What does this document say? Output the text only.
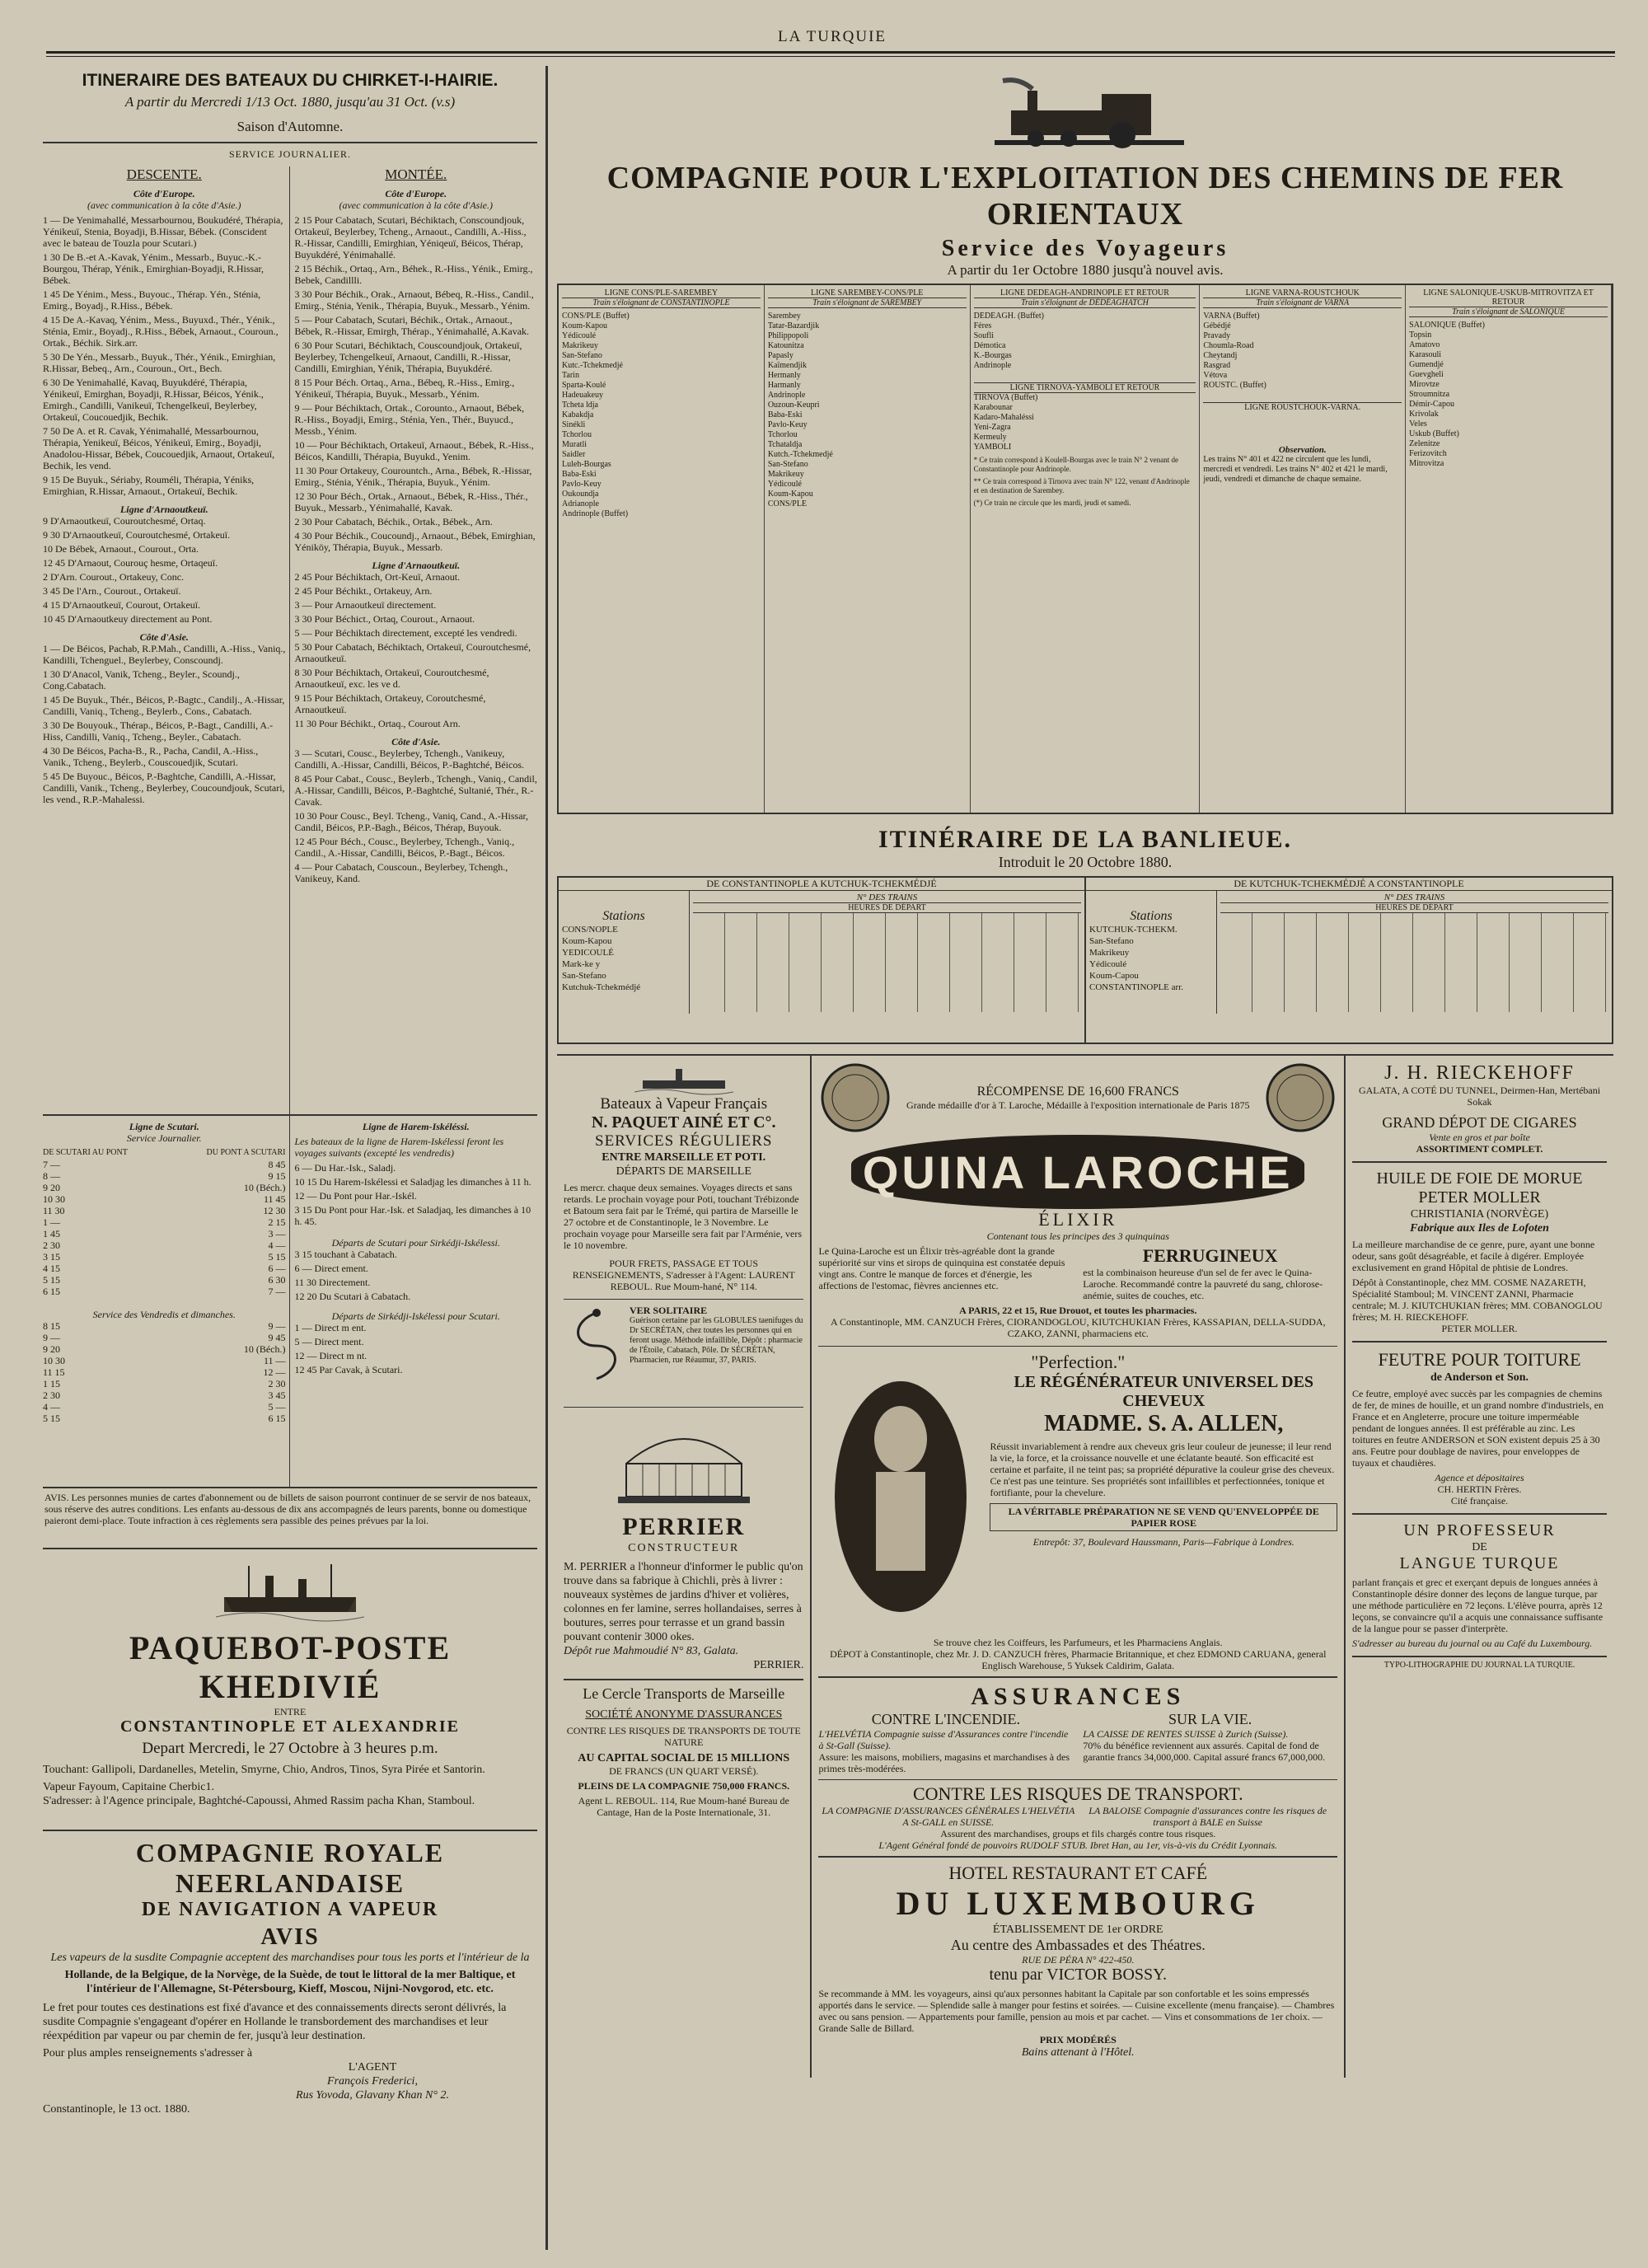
LA TURQUIE
ITINERAIRE DES BATEAUX DU CHIRKET-I-HAIRIE.
A partir du Mercredi 1/13 Oct. 1880, jusqu'au 31 Oct. (v.s)
Saison d'Automne.
SERVICE JOURNALIER.
DESCENTE.
Côte d'Europe.
(avec communication à la côte d'Asie.)
1 — De Yenimahallé, Messarbournou, Boukudéré, Thérapia, Yénikeuï, Stenia, Boyadji, B.Hissar, Bébek. (Conscident avec le bateau de Touzla pour Scutari.)
1 30 De B.-et A.-Kavak, Yénim., Messarb., Buyuc.-K.-Bourgou, Thérap, Yénik., Emirghian-Boyadji, R.Hissar, Bébek.
1 45 De Yénim., Mess., Buyouc., Thérap. Yén., Sténia, Emirg., Boyadj., R.Hiss., Bébek.
4 15 De A.-Kavaq, Yénim., Mess., Buyuxd., Thér., Yénik., Sténia, Emir., Boyadj., R.Hiss., Bébek, Arnaout., Couroun., Ortak., Béchik. Sirk.arr.
5 30 De Yén., Messarb., Buyuk., Thér., Yénik., Emirghian, R.Hissar, Bebeq., Arn., Couroun., Ort., Bech.
6 30 De Yenimahallé, Kavaq, Buyukdéré, Thérapia, Yénikeuï, Emirghan, Boyadji, R.Hissar, Béicos, Yénik., Emirgh., Candilli, Vanikeuï, Tchengelkeuï, Beylerbey, Ortakeuï, Coucouedjik, Bechik.
7 50 De A. et R. Cavak, Yénimahallé, Messarbournou, Thérapia, Yenikeuï, Béicos, Yénikeuï, Emirg., Boyadji, Anadolou-Hissar, Bébek, Coucouedjik, Arnaout, Ortakeuï, Bechik, les vend.
9 15 De Buyuk., Sériaby, Rouméli, Thérapia, Yéniks, Emirghian, R.Hissar, Arnaout., Ortakeuï, Bechik.
Ligne d'Arnaoutkeuï.
9 D'Arnaoutkeuï, Couroutchesmé, Ortaq.
9 30 D'Arnaoutkeuï, Couroutchesmé, Ortakeuï.
10 De Bébek, Arnaout., Courout., Orta.
12 45 D'Arnaout, Courouç hesme, Ortaqeuï.
2 D'Arn. Courout., Ortakeuy, Conc.
3 45 De l'Arn., Courout., Ortakeuï.
4 15 D'Arnaoutkeuï, Courout, Ortakeuï.
10 45 D'Arnaoutkeuy directement au Pont.
Côte d'Asie.
1 — De Béicos, Pachab, R.P.Mah., Candilli, A.-Hiss., Vaniq., Kandilli, Tchenguel., Beylerbey, Conscoundj.
1 30 D'Anacol, Vanik, Tcheng., Beyler., Scoundj., Cong.Cabatach.
1 45 De Buyuk., Thér., Béicos, P.-Bagtc., Candilj., A.-Hissar, Candilli, Vaniq., Tcheng., Beylerb., Cons., Cabatach.
3 30 De Bouyouk., Thérap., Béicos, P.-Bagt., Candilli, A.-Hiss, Candilli, Vaniq., Tcheng., Beyler., Cabatach.
4 30 De Béicos, Pacha-B., R., Pacha, Candil, A.-Hiss., Vanik., Tcheng., Beylerb., Couscouedjik, Scutari.
5 45 De Buyouc., Béicos, P.-Baghtche, Candilli, A.-Hissar, Candilli, Vanik., Tcheng., Beylerbey, Coucoundjouk, Scutari, les vend., R.P.-Mahalessi.
MONTÉE.
Côte d'Europe.
(avec communication à la côte d'Asie.)
2 15 Pour Cabatach, Scutari, Béchiktach, Conscoundjouk, Ortakeuï, Beylerbey, Tcheng., Arnaout., Candilli, A.-Hiss., R.-Hissar, Candilli, Emirghian, Yéniqeuï, Béicos, Thérap, Buyukdéré, Yénimahallé.
2 15 Béchik., Ortaq., Arn., Béhek., R.-Hiss., Yénik., Emirg., Bebek, Candillli.
3 30 Pour Béchik., Orak., Arnaout, Bébeq, R.-Hiss., Candil., Emirg., Sténia, Yenik., Thérapia, Buyuk., Messarb., Yénim.
5 — Pour Cabatach, Scutari, Béchik., Ortak., Arnaout., Bébek, R.-Hissar, Emirgh, Thérap., Yénimahallé, A.Kavak.
6 30 Pour Scutari, Béchiktach, Couscoundjouk, Ortakeuï, Beylerbey, Tchengelkeuï, Arnaout, Candilli, R.-Hissar, Candilli, Emirghian, Yénik, Thérapia, Buyukdéré.
8 15 Pour Béch. Ortaq., Arna., Bébeq, R.-Hiss., Emirg., Yénikeuï, Thérapia, Buyuk., Messarb., Yénim.
9 — Pour Béchiktach, Ortak., Corounto., Arnaout, Bébek, R.-Hiss., Boyadji, Emirg., Sténia, Yen., Thér., Buyucd., Messb., Yénim.
10 — Pour Béchiktach, Ortakeuï, Arnaout., Bébek, R.-Hiss., Béicos, Kandilli, Thérapia, Buyukd., Yenim.
11 30 Pour Ortakeuy, Courountch., Arna., Bébek, R.-Hissar, Emirg., Sténia, Yénik., Thérapia, Buyuk., Yénim.
12 30 Pour Béch., Ortak., Arnaout., Bébek, R.-Hiss., Thér., Buyuk., Messarb., Yénimahallé, Kavak.
2 30 Pour Cabatach, Béchik., Ortak., Bébek., Arn.
4 30 Pour Béchik., Coucoundj., Arnaout., Bébek, Emirghian, Yéniköy, Thérapia, Buyuk., Messarb.
Ligne d'Arnaoutkeuï.
2 45 Pour Béchiktach, Ort-Keuï, Arnaout.
2 45 Pour Béchikt., Ortakeuy, Arn.
3 — Pour Arnaoutkeuï directement.
3 30 Pour Béchict., Ortaq, Courout., Arnaout.
5 — Pour Béchiktach directement, excepté les vendredi.
5 30 Pour Cabatach, Béchiktach, Ortakeuï, Couroutchesmé, Arnaoutkeuï.
8 30 Pour Béchiktach, Ortakeuï, Couroutchesmé, Arnaoutkeuï, exc. les ve d.
9 15 Pour Béchiktach, Ortakeuy, Coroutchesmé, Arnaoutkeuï.
11 30 Pour Béchikt., Ortaq., Courout Arn.
Côte d'Asie.
3 — Scutari, Cousc., Beylerbey, Tchengh., Vanikeuy, Candilli, A.-Hissar, Candilli, Béicos, P.-Baghtché, Béicos.
8 45 Pour Cabat., Cousc., Beylerb., Tchengh., Vaniq., Candil, A.-Hissar, Candilli, Béicos, P.-Baghtché, Sultanié, Thér., R.-Cavak.
10 30 Pour Cousc., Beyl. Tcheng., Vaniq, Cand., A.-Hissar, Candil, Béicos, P.P.-Bagh., Béicos, Thérap, Buyouk.
12 45 Pour Béch., Cousc., Beylerbey, Tchengh., Vaniq., Candil., A.-Hissar, Candilli, Béicos, P.-Bagt., Béicos.
4 — Pour Cabatach, Couscoun., Beylerbey, Tchengh., Vanikeuy, Kand.
Ligne de Scutari.
Service Journalier.
DE SCUTARI AU PONT	DU PONT A SCUTARI
7 —	8 45
8 —	9 15
9 20	10 (Béch.)
10 30	11 45
11 30	12 30
1 —	2 15
1 45	3 —
2 30	4 —
3 15	5 15
4 15	6 —
5 15	6 30
6 15	7 —
Service des Vendredis et dimanches.
8 15	9 —
9 —	9 45
9 20	10 (Béch.)
10 30	11 —
11 15	12 —
1 15	2 30
2 30	3 45
4 —	5 —
5 15	6 15
Ligne de Harem-Iskéléssi.
Les bateaux de la ligne de Harem-Iskélessi feront les voyages suivants (excepté les vendredis)
6 — Du Har.-Isk., Saladj.
10 15 Du Harem-Iskélessi et Saladjag les dimanches à 11 h.
12 — Du Pont pour Har.-Iskél.
3 15 Du Pont pour Har.-Isk. et Saladjaq, les dimanches à 10 h. 45.
Départs de Scutari pour Sirkédji-Iskélessi.
3 15 touchant à Cabatach.
6 — Direct ement.
11 30 Directement.
12 20 Du Scutari à Cabatach.
Départs de Sirkédji-Iskélessi pour Scutari.
1 — Direct m ent.
5 — Direct ment.
12 — Direct m nt.
12 45 Par Cavak, à Scutari.
AVIS. Les personnes munies de cartes d'abonnement ou de billets de saison pourront continuer de se servir de nos bateaux, sous réserve des autres conditions. Les enfants au-dessous de dix ans accompagnés de leurs parents, bonne ou domestique paieront demi-place. Toute infraction à ces règlements sera passible des peines prévues par la loi.
PAQUEBOT-POSTE KHEDIVIÉ
ENTRE
CONSTANTINOPLE ET ALEXANDRIE
Depart Mercredi, le 27 Octobre à 3 heures p.m.
Touchant: Gallipoli, Dardanelles, Metelin, Smyrne, Chio, Andros, Tinos, Syra Pirée et Santorin.
Vapeur Fayoum, Capitaine Cherbic1.
S'adresser: à l'Agence principale, Baghtché-Capoussi, Ahmed Rassim pacha Khan, Stamboul.
COMPAGNIE ROYALE NEERLANDAISE
DE NAVIGATION A VAPEUR
AVIS
Les vapeurs de la susdite Compagnie acceptent des marchandises pour tous les ports et l'intérieur de la
Hollande, de la Belgique, de la Norvège, de la Suède, de tout le littoral de la mer Baltique, et l'intérieur de l'Allemagne, St-Pétersbourg, Kieff, Moscou, Nijni-Novgorod, etc. etc.
Le fret pour toutes ces destinations est fixé d'avance et des connaissements directs seront délivrés, la susdite Compagnie s'engageant d'opérer en Hollande le transbordement des marchandises et leur réexpédition par vapeur ou par chemin de fer, jusqu'à leur destination.
Pour plus amples renseignements s'adresser à
L'AGENT
François Frederici,
Rus Yovoda, Glavany Khan N° 2.
Constantinople, le 13 oct. 1880.
COMPAGNIE POUR L'EXPLOITATION DES CHEMINS DE FER ORIENTAUX
Service des Voyageurs
A partir du 1er Octobre 1880 jusqu'à nouvel avis.
LIGNE CONS/PLE-SAREMBEY
Train s'éloignant de CONSTANTINOPLE
CONS/PLE (Buffet)
Koum-Kapou
Yédicoulé
Makrikeuy
San-Stefano
Kutc.-Tchekmedjé
Tarin
Sparta-Koulé
Hadeuakeuy
Tcheta ldja
Kabakdja
Sinékli
Tchorlou
Muratli
Saidler
Luleh-Bourgas
Baba-Eski
Pavlo-Keuy
Oukoundja
Adrianople
Andrinople (Buffet)
LIGNE SAREMBEY-CONS/PLE
Train s'éloignant de SAREMBEY
Sarembey
Tatar-Bazardjik
Philippopoli
Katounitza
Papasly
Kaïmendjik
Hermanly
Harmanly
Andrinople
Ouzoun-Keupri
Baba-Eski
Pavlo-Keuy
Tchorlou
Tchataldja
Kutch.-Tchekmedjé
San-Stefano
Makrikeuy
Yédicoulé
Koum-Kapou
CONS/PLE
LIGNE DEDEAGH-ANDRINOPLE ET RETOUR
Train s'éloignant de DÉDÉAGHATCH
DÉDÉAGH. (Buffet)
Féres
Soufli
Démotica
K.-Bourgas
Andrinople
LIGNE TIRNOVA-YAMBOLI ET RETOUR
TIRNOVA (Buffet)
Karabounar
Kadaro-Mahaléssi
Yeni-Zagra
Kermeuly
YAMBOLI
* Ce train correspond à Koulell-Bourgas avec le train N° 2 venant de Constantinople pour Andrinople.
** Ce train correspond à Tirnova avec train N° 122, venant d'Andrinople et en destination de Sarembey.
(*) Ce train ne circule que les mardi, jeudi et samedi.
LIGNE VARNA-ROUSTCHOUK
Train s'éloignant de VARNA
VARNA (Buffet)
Gébédjé
Pravady
Choumla-Road
Cheytandj
Rasgrad
Vétova
ROUSTC. (Buffet)
LIGNE ROUSTCHOUK-VARNA.
Observation.
Les trains N° 401 et 422 ne circulent que les lundi, mercredi et vendredi. Les trains N° 402 et 421 le mardi, jeudi, vendredi et dimanche de chaque semaine.
LIGNE SALONIQUE-USKUB-MITROVITZA ET RETOUR
Train s'éloignant de SALONIQUE
SALONIQUE (Buffet)
Topsin
Amatovo
Karasouli
Gumendjé
Guevgheli
Mirovtze
Stroumnitza
Démir-Capou
Krivolak
Veles
Uskub (Buffet)
Zelenitze
Ferizovitch
Mitrovitza
ITINÉRAIRE DE LA BANLIEUE.
Introduit le 20 Octobre 1880.
DE CONSTANTINOPLE A KUTCHUK-TCHEKMÉDJÉ
Stations
CONS/NOPLE
Koum-Kapou
YEDICOULÉ
Mark-ke y
San-Stefano
Kutchuk-Tchekmédjé
N° DES TRAINS
HEURES DE DÉPART
DE KUTCHUK-TCHEKMÉDJÉ A CONSTANTINOPLE
Stations
KUTCHUK-TCHEKM.
San-Stefano
Makrikeuy
Yédicoulé
Koum-Capou
CONSTANTINOPLE arr.
N° DES TRAINS
HEURES DE DÉPART
Bateaux à Vapeur Français
N. PAQUET AINÉ ET C°.
SERVICES RÉGULIERS
ENTRE MARSEILLE ET POTI.
DÉPARTS DE MARSEILLE
Les mercr. chaque deux semaines. Voyages directs et sans retards. Le prochain voyage pour Poti, touchant Trébizonde et Batoum sera fait par le Trémé, qui partira de Marseille le 27 octobre et de Constantinople, le 3 Novembre. Le prochain voyage pour Marseille sera fait par l'Arménie, vers le 10 novembre.
POUR FRETS, PASSAGE ET TOUS RENSEIGNEMENTS, S'adresser à l'Agent: LAURENT REBOUL. Rue Moum-hané, N° 114.
VER SOLITAIRE
Guérison certaine par les GLOBULES taenifuges du Dr SECRÉTAN, chez toutes les personnes qui en feront usage. Méthode infaillible, Dépôt : pharmacie de l'Étoile, Cabatach, Pôle. Dr SÉCRÉTAN, Pharmacien, rue Réaumur, 37, PARIS.
PERRIER
CONSTRUCTEUR
M. PERRIER a l'honneur d'informer le public qu'on trouve dans sa fabrique à Chichli, près à livrer : nouveaux systèmes de jardins d'hiver et volières, colonnes en fer lamine, serres hollandaises, serres à boutures, serres pour terrasse et un grand bassin pouvant contenir 3000 okes.
Dépôt rue Mahmoudié N° 83, Galata.
PERRIER.
Le Cercle Transports de Marseille
SOCIÉTÉ ANONYME D'ASSURANCES
CONTRE LES RISQUES DE TRANSPORTS DE TOUTE NATURE
AU CAPITAL SOCIAL DE 15 MILLIONS
DE FRANCS (UN QUART VERSÉ).
PLEINS DE LA COMPAGNIE 750,000 FRANCS.
Agent L. REBOUL. 114, Rue Moum-hané Bureau de Cantage, Han de la Poste Internationale, 31.
RÉCOMPENSE DE 16,600 FRANCS
Grande médaille d'or à T. Laroche, Médaille à l'exposition internationale de Paris 1875
QUINA LAROCHE
ÉLIXIR
Contenant tous les principes des 3 quinquinas
Le Quina-Laroche est un Élixir très-agréable dont la grande supériorité sur vins et sirops de quinquina est constatée depuis vingt ans. Contre le manque de forces et d'énergie, les affections de l'estomac, fièvres anciennes etc.
FERRUGINEUX
est la combinaison heureuse d'un sel de fer avec le Quina-Laroche. Recommandé contre la pauvreté du sang, chlorose-anémie, suites de couches, etc.
A PARIS, 22 et 15, Rue Drouot, et toutes les pharmacies.
A Constantinople, MM. CANZUCH Frères, CIORANDOGLOU, KIUTCHUKIAN Frères, KASSAPIAN, DELLA-SUDDA, CZAKO, ZANNI, pharmaciens etc.
"Perfection."
LE RÉGÉNÉRATEUR UNIVERSEL DES CHEVEUX
MADME. S. A. ALLEN,
Réussit invariablement à rendre aux cheveux gris leur couleur de jeunesse; il leur rend la vie, la force, et la croissance nouvelle et une éclatante beauté. Son efficacité est certaine et parfaite, il ne teint pas; sa propriété dépurative la couleur grise des cheveux. Ce n'est pas une teinture. Ses propriétés sont infaillibles et perfectionnées, tonique et fortifiante, pour la chevelure.
LA VÉRITABLE PRÉPARATION NE SE VEND QU'ENVELOPPÉE DE PAPIER ROSE
Entrepôt: 37, Boulevard Haussmann, Paris—Fabrique à Londres.
Se trouve chez les Coiffeurs, les Parfumeurs, et les Pharmaciens Anglais.
DÉPOT à Constantinople, chez Mr. J. D. CANZUCH frères, Pharmacie Britannique, et chez EDMOND CARUANA, general Englisch Warehouse, 5 Yuksek Caldirim, Galata.
ASSURANCES
CONTRE L'INCENDIE.
L'HELVÉTIA Compagnie suisse d'Assurances contre l'incendie à St-Gall (Suisse).
Assure: les maisons, mobiliers, magasins et marchandises à des primes très-modérées.
SUR LA VIE.
LA CAISSE DE RENTES SUISSE à Zurich (Suisse).
70% du bénéfice reviennent aux assurés. Capital de fond de garantie francs 34,000,000. Capital assuré francs 67,000,000.
CONTRE LES RISQUES DE TRANSPORT.
LA COMPAGNIE D'ASSURANCES GÉNÉRALES L'HELVÉTIA A St-GALL en SUISSE.
LA BALOISE Compagnie d'assurances contre les risques de transport à BALE en Suisse
Assurent des marchandises, groups et fils chargés contre tous risques.
L'Agent Général fondé de pouvoirs RUDOLF STUB. Ibret Han, au 1er, vis-à-vis du Crédit Lyonnais.
HOTEL RESTAURANT ET CAFÉ
DU LUXEMBOURG
ÉTABLISSEMENT DE 1er ORDRE
Au centre des Ambassades et des Théatres.
RUE DE PÉRA N° 422-450.
tenu par VICTOR BOSSY.
Se recommande à MM. les voyageurs, ainsi qu'aux personnes habitant la Capitale par son confortable et les soins empressés apportés dans le service. — Splendide salle à manger pour festins et soirées. — Cuisine excellente (menu française). — Chambres avec ou sans pension. — Appartements pour famille, pension au mois et par cachet. — Vins et consommations de 1er choix. — Grande Salle de Billard.
PRIX MODÉRÉS
Bains attenant à l'Hôtel.
J. H. RIECKEHOFF
GALATA, A COTÉ DU TUNNEL, Deirmen-Han, Mertébani Sokak
GRAND DÉPOT DE CIGARES
Vente en gros et par boîte
ASSORTIMENT COMPLET.
HUILE DE FOIE DE MORUE
PETER MOLLER
CHRISTIANIA (NORVÈGE)
Fabrique aux Iles de Lofoten
La meilleure marchandise de ce genre, pure, ayant une bonne odeur, sans goût désagréable, et facile à digérer. Employée exclusivement en grand Hôpital de phtisie de Londres.
Dépôt à Constantinople, chez MM. COSME NAZARETH, Spécialité Stamboul; M. VINCENT ZANNI, Pharmacie centrale; M. J. KIUTCHUKIAN frères; MM. COBANOGLOU frères; M. H. RIECKEHOFF.
PETER MOLLER.
FEUTRE POUR TOITURE
de Anderson et Son.
Ce feutre, employé avec succès par les compagnies de chemins de fer, de mines de houille, et un grand nombre d'industriels, en France et en Angleterre, procure une toiture imperméable pendant de longues années. Il est préférable au zinc. Les toitures en feutre ANDERSON et SON existent depuis 25 à 30 ans. Feutre pour doublage de navires, pour enveloppes de tuyaux et chaudières.
Agence et dépositaires
CH. HERTIN Frères.
Cité française.
UN PROFESSEUR
DE
LANGUE TURQUE
parlant français et grec et exerçant depuis de longues années à Constantinople désire donner des leçons de langue turque, par une méthode particulière en 72 leçons. L'élève pourra, après 12 leçons, se convaincre qu'il a acquis une connaissance suffisante de la langue pour se passer d'interprète.
S'adresser au bureau du journal ou au Café du Luxembourg.
TYPO-LITHOGRAPHIE DU JOURNAL LA TURQUIE.
